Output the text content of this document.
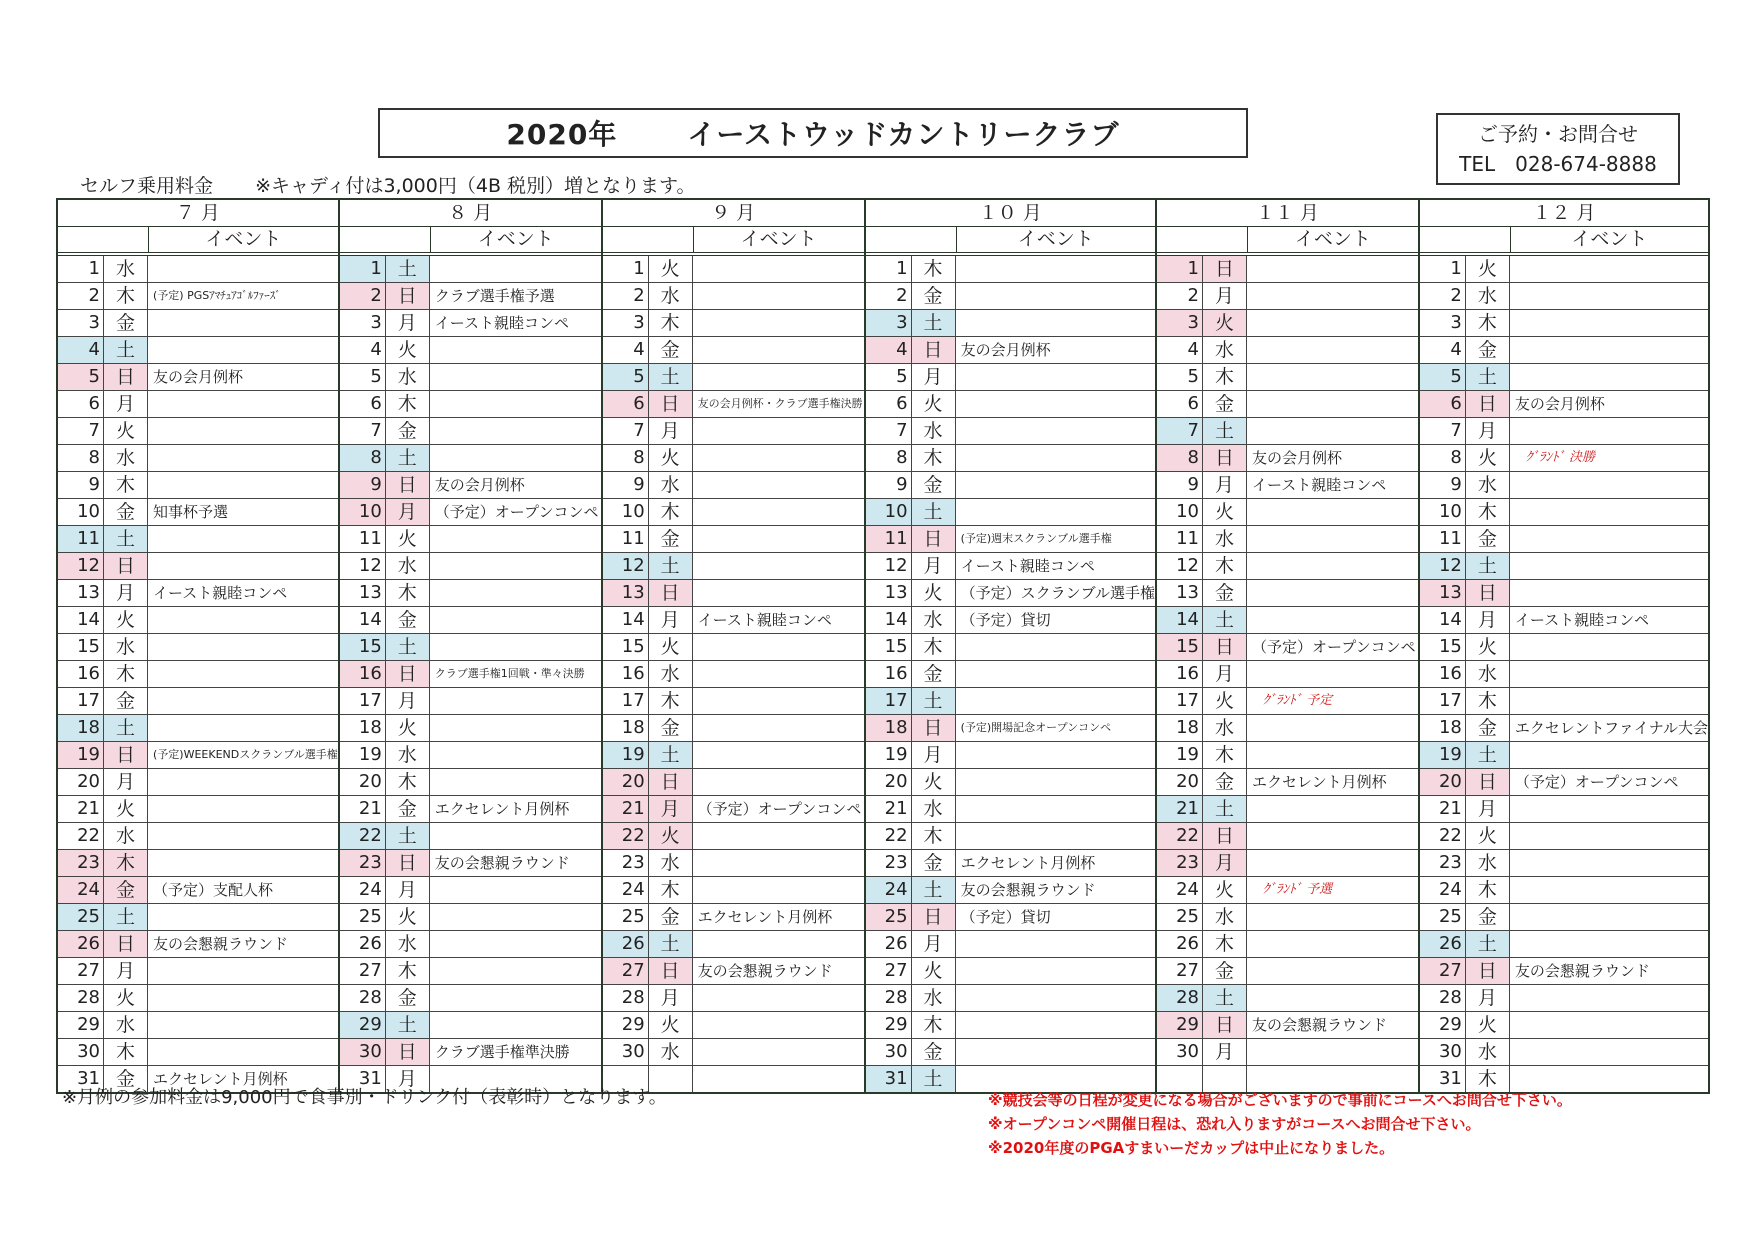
2020年	イーストウッドカントリークラブ	ご予約・お問合せ
TEL　028-674-8888
セルフ乗用料金 ※キャディ付は3,000円（4B 税別）増となります。
７ 月
イベント
1 水
2 木	(予定) PGSｱﾏﾁｭｱｺﾞﾙﾌｧｰｽﾞ
3 金
4 土
5 日	友の会月例杯
6 月
7 火
8 水
9 木
10 金	知事杯予選
11 土
12 日
13 月	イースト親睦コンペ
14 火
15 水
16 木
17 金
18 土
19 日	(予定)WEEKENDスクランブル選手権
20 月
21 火
22 水
23 木
24 金	（予定）支配人杯
25 土
26 日	友の会懇親ラウンド
27 月
28 火
29 水
30 木
31 金	エクセレント月例杯
８ 月
イベント
1 土
2 日	クラブ選手権予選
3 月	イースト親睦コンペ
4 火
5 水
6 木
7 金
8 土
9 日	友の会月例杯
10 月	（予定）オープンコンペ
11 火
12 水
13 木
14 金
15 土
16 日	クラブ選手権1回戦・準々決勝
17 月
18 火
19 水
20 木
21 金	エクセレント月例杯
22 土
23 日	友の会懇親ラウンド
24 月
25 火
26 水
27 木
28 金
29 土
30 日	クラブ選手権準決勝
31 月
９ 月
イベント
1 火
2 水
3 木
4 金
5 土
6 日	友の会月例杯・クラブ選手権決勝
7 月
8 火
9 水
10 木
11 金
12 土
13 日
14 月	イースト親睦コンペ
15 火
16 水
17 木
18 金
19 土
20 日
21 月	（予定）オープンコンペ
22 火
23 水
24 木
25 金	エクセレント月例杯
26 土
27 日	友の会懇親ラウンド
28 月
29 火
30 水
１０ 月
イベント
1 木
2 金
3 土
4 日	友の会月例杯
5 月
6 火
7 水
8 木
9 金
10 土
11 日	(予定)週末スクランブル選手権
12 月	イースト親睦コンペ
13 火	（予定）スクランブル選手権
14 水	（予定）貸切
15 木
16 金
17 土
18 日	(予定)開場記念オープンコンペ
19 月
20 火
21 水
22 木
23 金	エクセレント月例杯
24 土	友の会懇親ラウンド
25 日	（予定）貸切
26 月
27 火
28 水
29 木
30 金
31 土
１１ 月
イベント
1 日
2 月
3 火
4 水
5 木
6 金
7 土
8 日	友の会月例杯
9 月	イースト親睦コンペ
10 火
11 水
12 木
13 金
14 土
15 日	（予定）オープンコンペ
16 月
17 火	ｸﾞﾗﾝﾄﾞ 予定
18 水
19 木
20 金	エクセレント月例杯
21 土
22 日
23 月
24 火	ｸﾞﾗﾝﾄﾞ 予選
25 水
26 木
27 金
28 土
29 日	友の会懇親ラウンド
30 月
１２ 月
イベント
1 火
2 水
3 木
4 金
5 土
6 日	友の会月例杯
7 月
8 火	ｸﾞﾗﾝﾄﾞ 決勝
9 水
10 木
11 金
12 土
13 日
14 月	イースト親睦コンペ
15 火
16 水
17 木
18 金	エクセレントファイナル大会
19 土
20 日	（予定）オープンコンペ
21 月
22 火
23 水
24 木
25 金
26 土
27 日	友の会懇親ラウンド
28 月
29 火
30 水
31 木
※月例の参加料金は9,000円で食事別・ドリンク付（表彰時）となります。	※競技会等の日程が変更になる場合がございますので事前にコースへお問合せ下さい。
※オープンコンペ開催日程は、恐れ入りますがコースへお問合せ下さい。
※2020年度のPGAすまいーだカップは中止になりました。
